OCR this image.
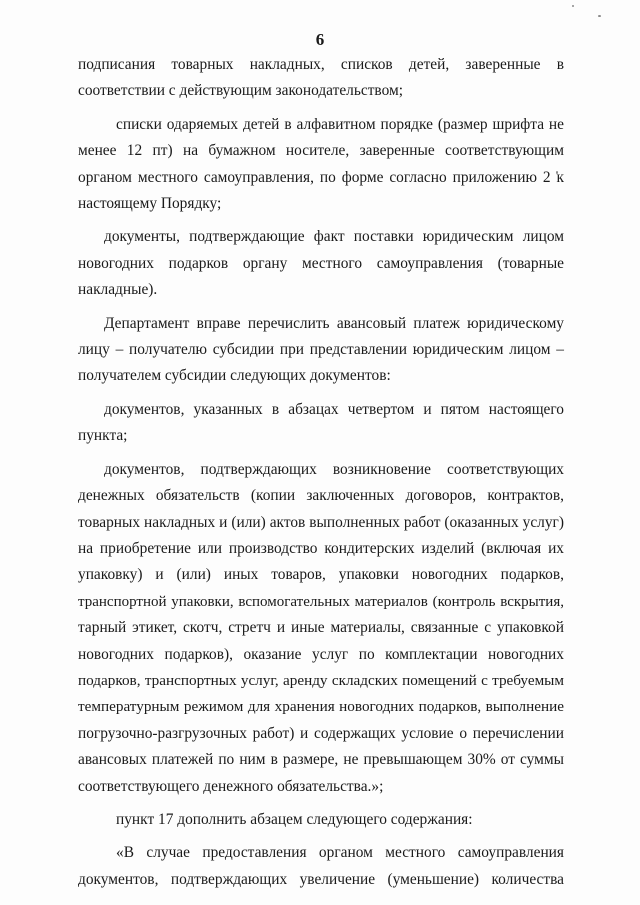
6
подписания товарных накладных, списков детей, заверенные в
соответствии с действующим законодательством;
списки одаряемых детей в алфавитном порядке (размер шрифта не
менее 12 пт) на бумажном носителе, заверенные соответствующим
органом местного самоуправления, по форме согласно приложению 2 к
настоящему Порядку;
документы, подтверждающие факт поставки юридическим лицом
новогодних подарков органу местного самоуправления (товарные
накладные).
Департамент вправе перечислить авансовый платеж юридическому
лицу – получателю субсидии при представлении юридическим лицом –
получателем субсидии следующих документов:
документов, указанных в абзацах четвертом и пятом настоящего
пункта;
документов, подтверждающих возникновение соответствующих
денежных обязательств (копии заключенных договоров, контрактов,
товарных накладных и (или) актов выполненных работ (оказанных услуг)
на приобретение или производство кондитерских изделий (включая их
упаковку) и (или) иных товаров, упаковки новогодних подарков,
транспортной упаковки, вспомогательных материалов (контроль вскрытия,
тарный этикет, скотч, стретч и иные материалы, связанные с упаковкой
новогодних подарков), оказание услуг по комплектации новогодних
подарков, транспортных услуг, аренду складских помещений с требуемым
температурным режимом для хранения новогодних подарков, выполнение
погрузочно-разгрузочных работ) и содержащих условие о перечислении
авансовых платежей по ним в размере, не превышающем 30% от суммы
соответствующего денежного обязательства.»;
пункт 17 дополнить абзацем следующего содержания:
«В случае предоставления органом местного самоуправления
документов, подтверждающих увеличение (уменьшение) количества
